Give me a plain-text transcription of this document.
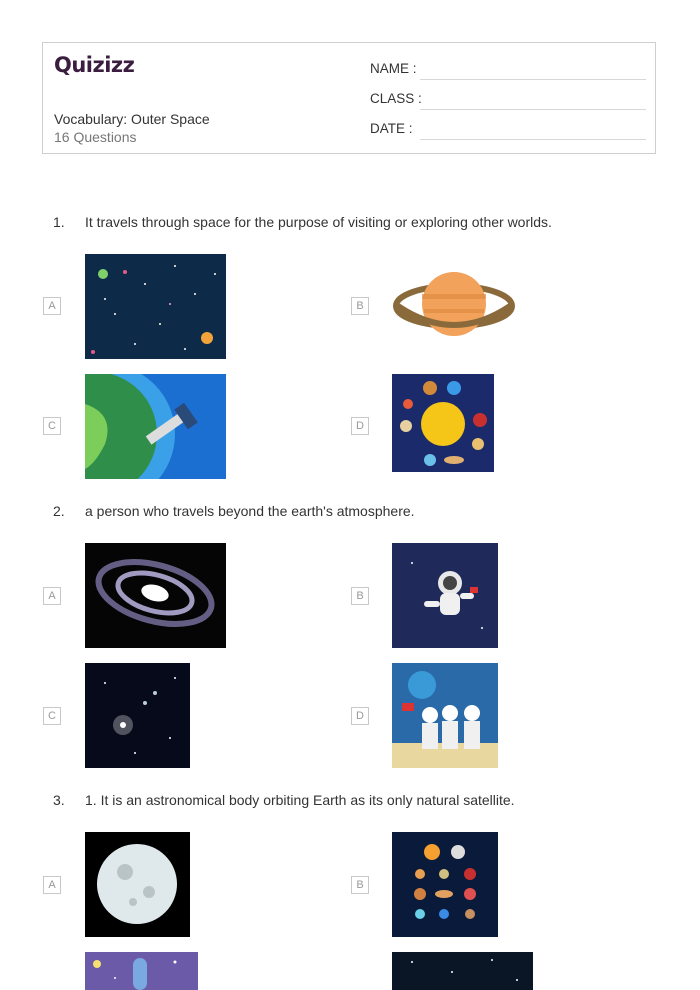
Quizizz
Vocabulary: Outer Space
16 Questions
NAME :
CLASS :
DATE :
1. It travels through space for the purpose of visiting or exploring other worlds.
A	B
C	D
2. a person who travels beyond the earth's atmosphere.
A	B
C	D
3. 1. It is an astronomical body orbiting Earth as its only natural satellite.
A	B
